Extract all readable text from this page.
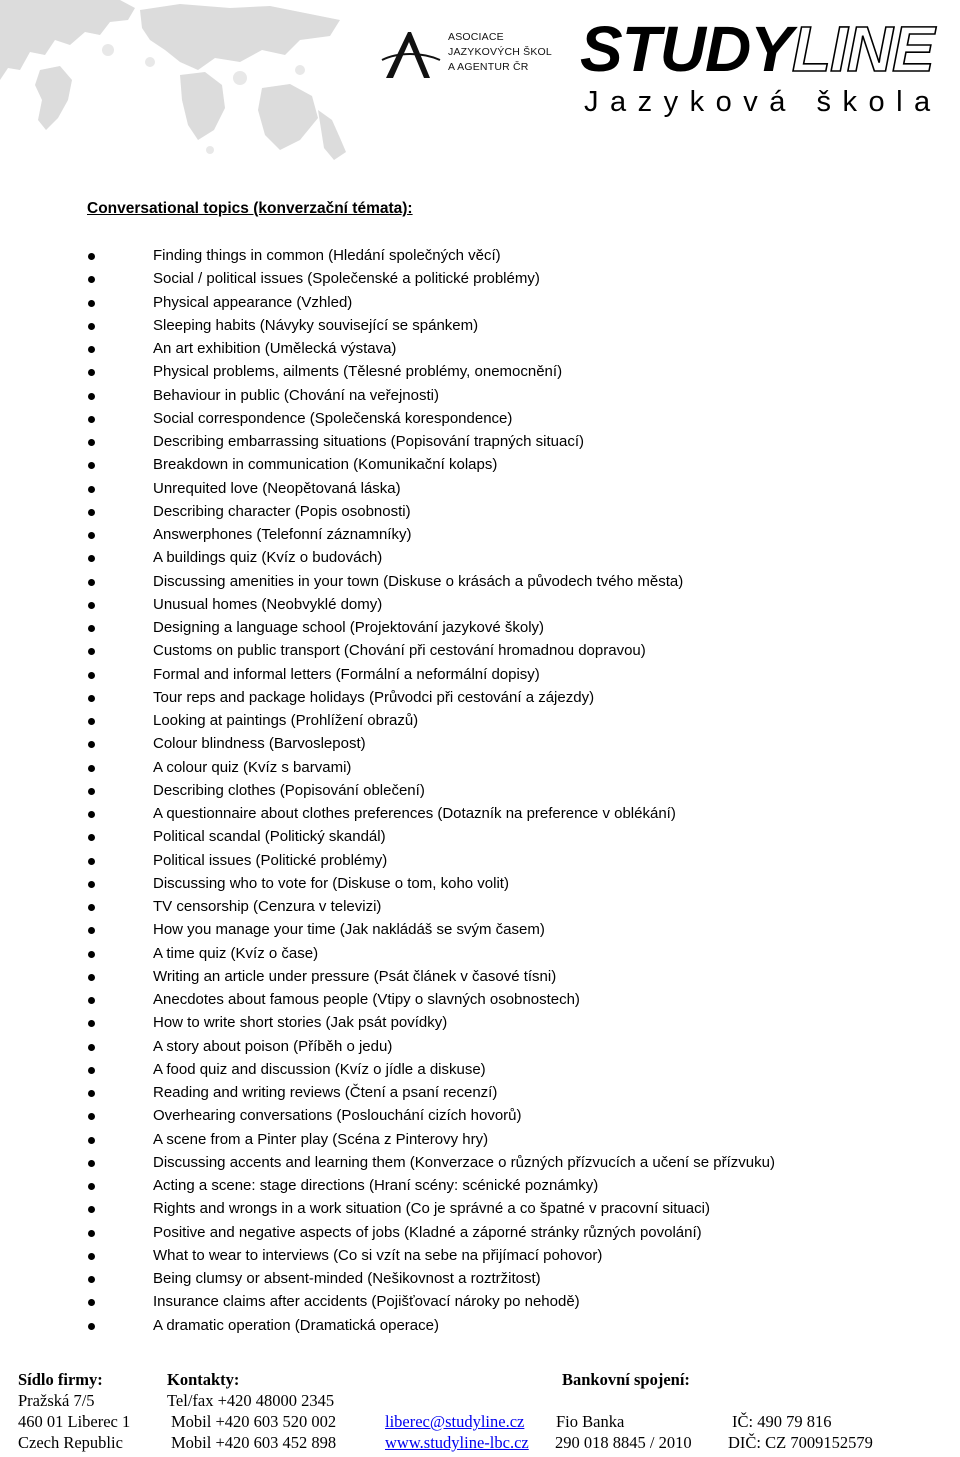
ASOCIACE
JAZYKOVÝCH ŠKOL
A AGENTUR ČR STUDYLINE
Jazyková škola
Conversational topics (konverzační témata):
Finding things in common (Hledání společných věcí)
Social / political issues (Společenské a politické problémy)
Physical appearance (Vzhled)
Sleeping habits (Návyky související se spánkem)
An art exhibition (Umělecká výstava)
Physical problems, ailments (Tělesné problémy, onemocnění)
Behaviour in public (Chování na veřejnosti)
Social correspondence (Společenská korespondence)
Describing embarrassing situations (Popisování trapných situací)
Breakdown in communication (Komunikační kolaps)
Unrequited love (Neopětovaná láska)
Describing character (Popis osobnosti)
Answerphones (Telefonní záznamníky)
A buildings quiz (Kvíz o budovách)
Discussing amenities in your town (Diskuse o krásách a původech tvého města)
Unusual homes (Neobvyklé domy)
Designing a language school (Projektování jazykové školy)
Customs on public transport (Chování při cestování hromadnou dopravou)
Formal and informal letters (Formální a neformální dopisy)
Tour reps and package holidays (Průvodci při cestování a zájezdy)
Looking at paintings (Prohlížení obrazů)
Colour blindness (Barvoslepost)
A colour quiz (Kvíz s barvami)
Describing clothes (Popisování oblečení)
A questionnaire about clothes preferences (Dotazník na preference v oblékání)
Political scandal (Politický skandál)
Political issues (Politické problémy)
Discussing who to vote for (Diskuse o tom, koho volit)
TV censorship (Cenzura v televizi)
How you manage your time (Jak nakládáš se svým časem)
A time quiz (Kvíz o čase)
Writing an article under pressure (Psát článek v časové tísni)
Anecdotes about famous people (Vtipy o slavných osobnostech)
How to write short stories (Jak psát povídky)
A story about poison (Příběh o jedu)
A food quiz and discussion (Kvíz o jídle a diskuse)
Reading and writing reviews (Čtení a psaní recenzí)
Overhearing conversations (Poslouchání cizích hovorů)
A scene from a Pinter play (Scéna z Pinterovy hry)
Discussing accents and learning them (Konverzace o různých přízvucích a učení se přízvuku)
Acting a scene: stage directions (Hraní scény: scénické poznámky)
Rights and wrongs in a work situation (Co je správné a co špatné v pracovní situaci)
Positive and negative aspects of jobs (Kladné a záporné stránky různých povolání)
What to wear to interviews (Co si vzít na sebe na přijímací pohovor)
Being clumsy or absent-minded (Nešikovnost a roztržitost)
Insurance claims after accidents (Pojišťovací nároky po nehodě)
A dramatic operation (Dramatická operace)
Sídlo firmy:
Pražská 7/5
460 01 Liberec 1
Czech Republic
Kontakty:
Tel/fax +420 48000 2345
Mobil +420 603 520 002
Mobil +420 603 452 898
liberec@studyline.cz
www.studyline-lbc.cz
Bankovní spojení:
Fio Banka
290 018 8845 / 2010
IČ: 490 79 816
DIČ: CZ 7009152579
